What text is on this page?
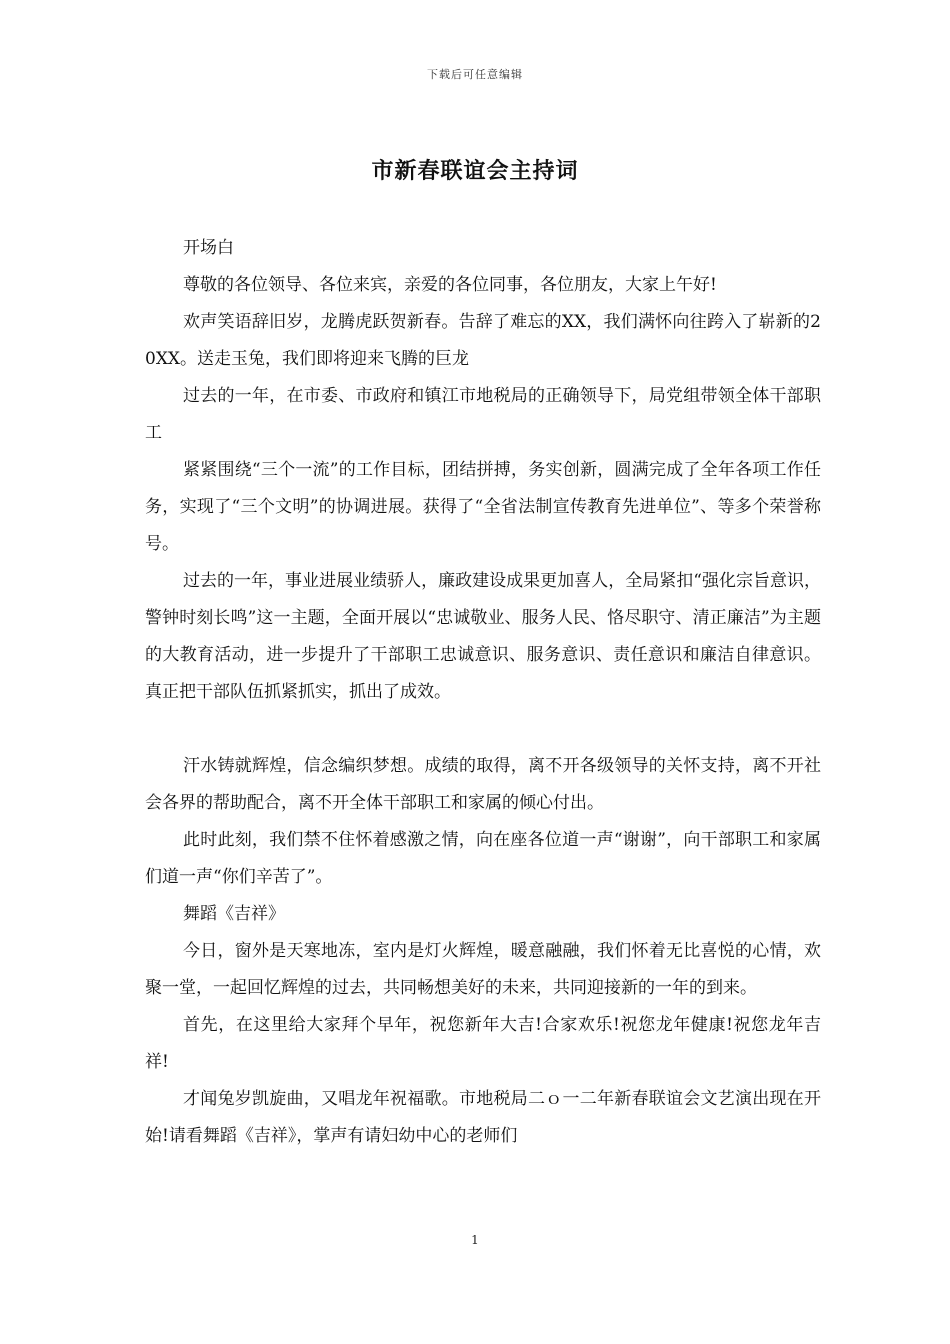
下载后可任意编辑
市新春联谊会主持词

开场白

尊敬的各位领导、各位来宾，亲爱的各位同事，各位朋友，大家上午好!

欢声笑语辞旧岁，龙腾虎跃贺新春。告辞了难忘的XX，我们满怀向往跨入了崭新的20XX。送走玉兔，我们即将迎来飞腾的巨龙

过去的一年，在市委、市政府和镇江市地税局的正确领导下，局党组带领全体干部职工

紧紧围绕“三个一流”的工作目标，团结拼搏，务实创新，圆满完成了全年各项工作任务，实现了“三个文明”的协调进展。获得了“全省法制宣传教育先进单位”、等多个荣誉称号。

过去的一年，事业进展业绩骄人，廉政建设成果更加喜人，全局紧扣“强化宗旨意识，警钟时刻长鸣”这一主题，全面开展以“忠诚敬业、服务人民、恪尽职守、清正廉洁”为主题的大教育活动，进一步提升了干部职工忠诚意识、服务意识、责任意识和廉洁自律意识。真正把干部队伍抓紧抓实，抓出了成效。

汗水铸就辉煌，信念编织梦想。成绩的取得，离不开各级领导的关怀支持，离不开社会各界的帮助配合，离不开全体干部职工和家属的倾心付出。

此时此刻，我们禁不住怀着感激之情，向在座各位道一声“谢谢”，向干部职工和家属们道一声“你们辛苦了”。

舞蹈《吉祥》

今日，窗外是天寒地冻，室内是灯火辉煌，暖意融融，我们怀着无比喜悦的心情，欢聚一堂，一起回忆辉煌的过去，共同畅想美好的未来，共同迎接新的一年的到来。

首先，在这里给大家拜个早年，祝您新年大吉!合家欢乐!祝您龙年健康!祝您龙年吉祥!

才闻兔岁凯旋曲，又唱龙年祝福歌。市地税局二ｏ一二年新春联谊会文艺演出现在开始!请看舞蹈《吉祥》，掌声有请妇幼中心的老师们

1
